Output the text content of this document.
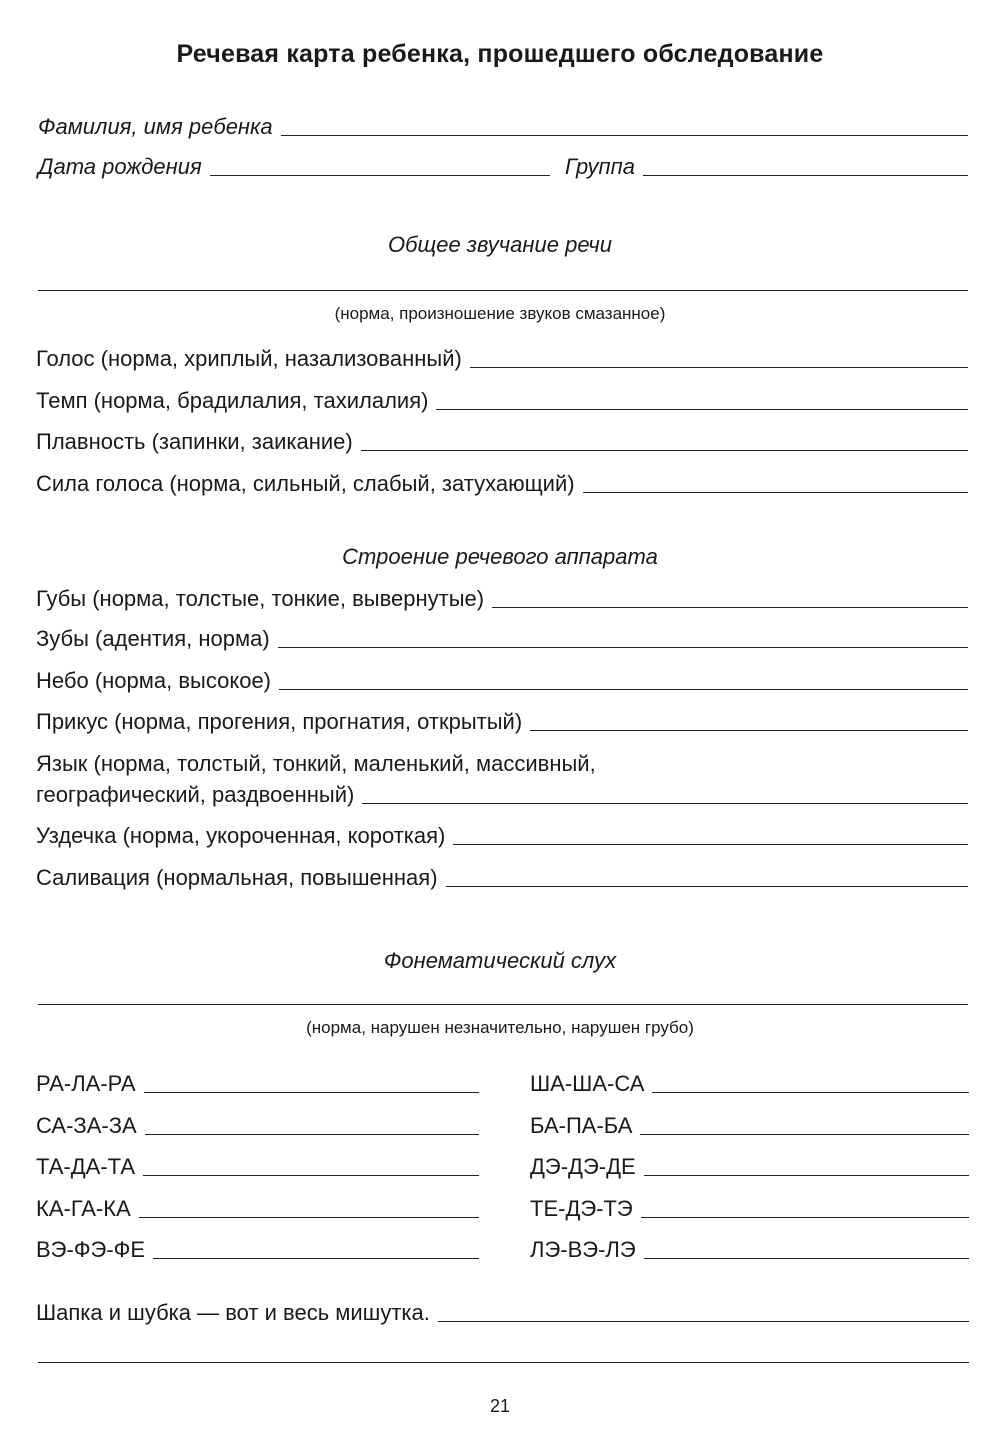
Речевая карта ребенка, прошедшего обследование
Фамилия, имя ребенка
Дата рождения	Группа
Общее звучание речи
(норма, произношение звуков смазанное)
Голос (норма, хриплый, назализованный)
Темп (норма, брадилалия, тахилалия)
Плавность (запинки, заикание)
Сила голоса (норма, сильный, слабый, затухающий)
Строение речевого аппарата
Губы (норма, толстые, тонкие, вывернутые)
Зубы (адентия, норма)
Небо (норма, высокое)
Прикус (норма, прогения, прогнатия, открытый)
Язык (норма, толстый, тонкий, маленький, массивный,
географический, раздвоенный)
Уздечка (норма, укороченная, короткая)
Саливация (нормальная, повышенная)
Фонематический слух
(норма, нарушен незначительно, нарушен грубо)
РА-ЛА-РА
СА-ЗА-ЗА
ТА-ДА-ТА
КА-ГА-КА
ВЭ-ФЭ-ФЕ
ША-ША-СА
БА-ПА-БА
ДЭ-ДЭ-ДЕ
ТЕ-ДЭ-ТЭ
ЛЭ-ВЭ-ЛЭ
Шапка и шубка — вот и весь мишутка.
21
